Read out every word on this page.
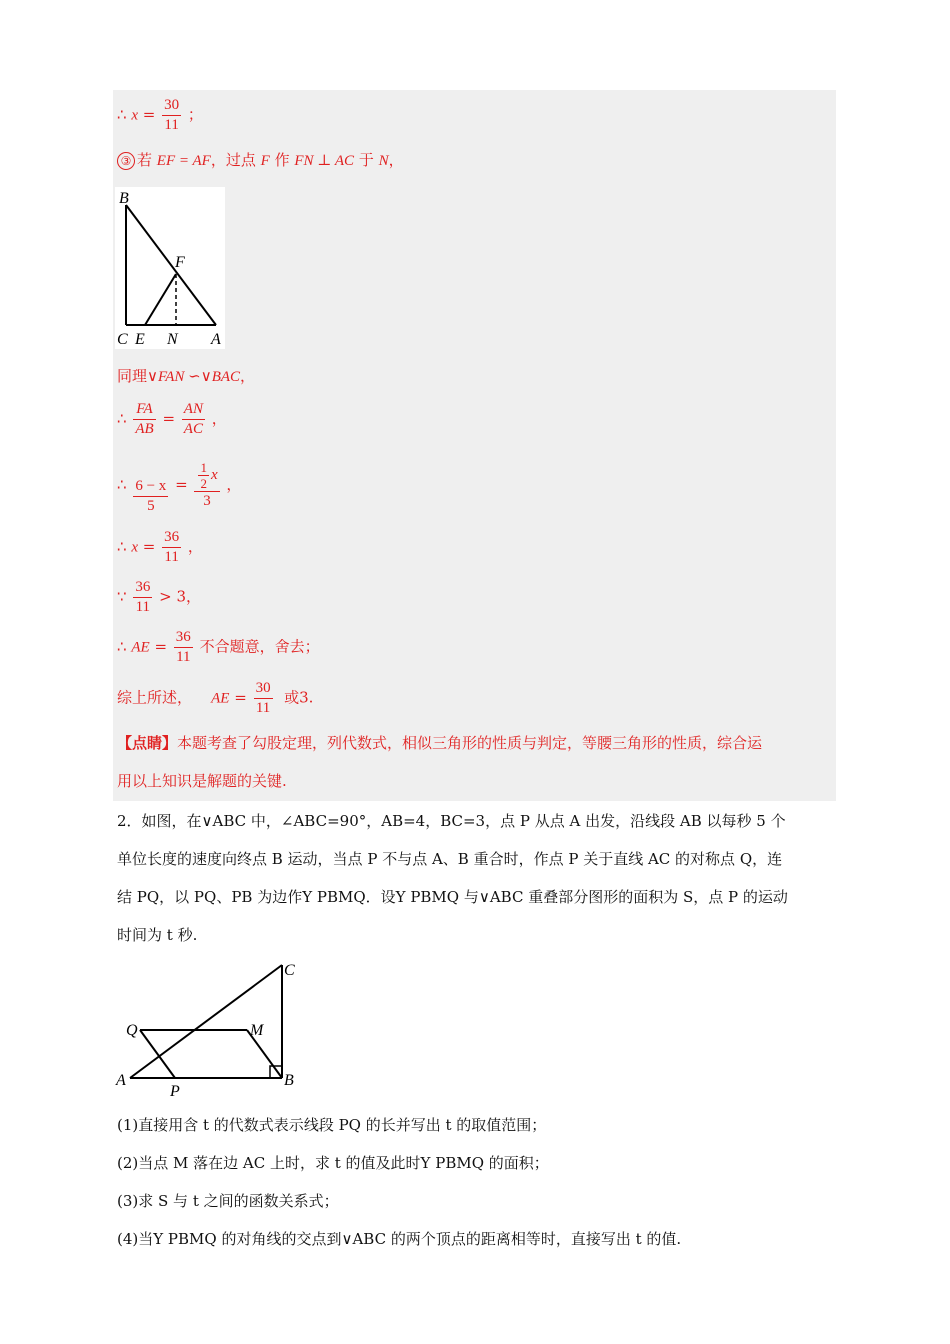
∴ $x = \frac{30}{11}$ ；
③ 若 EF = AF，过点 F 作 FN ⊥ AC 于 N，
B
F
C E N A
同理∨FAN ∽∨BAC，
∴ $\frac{FA}{AB} = \frac{AN}{AC}$ ，
∴ $\frac{6 - x}{5} = \frac{\frac{1}{2} x}{3}$ ，
∴ $x = \frac{36}{11}$ ，
∵ $\frac{36}{11} > 3$，
∴ AE = $\frac{36}{11}$ 不合题意，舍去；
综上所述， AE = $\frac{30}{11}$ 或3.
【点睛】本题考查了勾股定理，列代数式，相似三角形的性质与判定，等腰三角形的性质，综合运
用以上知识是解题的关键.
2．如图，在∨ABC 中，∠ABC=90°，AB=4，BC=3，点 P 从点 A 出发，沿线段 AB 以每秒 5 个
单位长度的速度向终点 B 运动，当点 P 不与点 A、B 重合时，作点 P 关于直线 AC 的对称点 Q，连
结 PQ，以 PQ、PB 为边作Y PBMQ．设Y PBMQ 与∨ABC 重叠部分图形的面积为 S，点 P 的运动
时间为 t 秒.
C
Q	M
A
P
B
(1)直接用含 t 的代数式表示线段 PQ 的长并写出 t 的取值范围；
(2)当点 M 落在边 AC 上时，求 t 的值及此时Y PBMQ 的面积；
(3)求 S 与 t 之间的函数关系式；
(4)当Y PBMQ 的对角线的交点到∨ABC 的两个顶点的距离相等时，直接写出 t 的值.
